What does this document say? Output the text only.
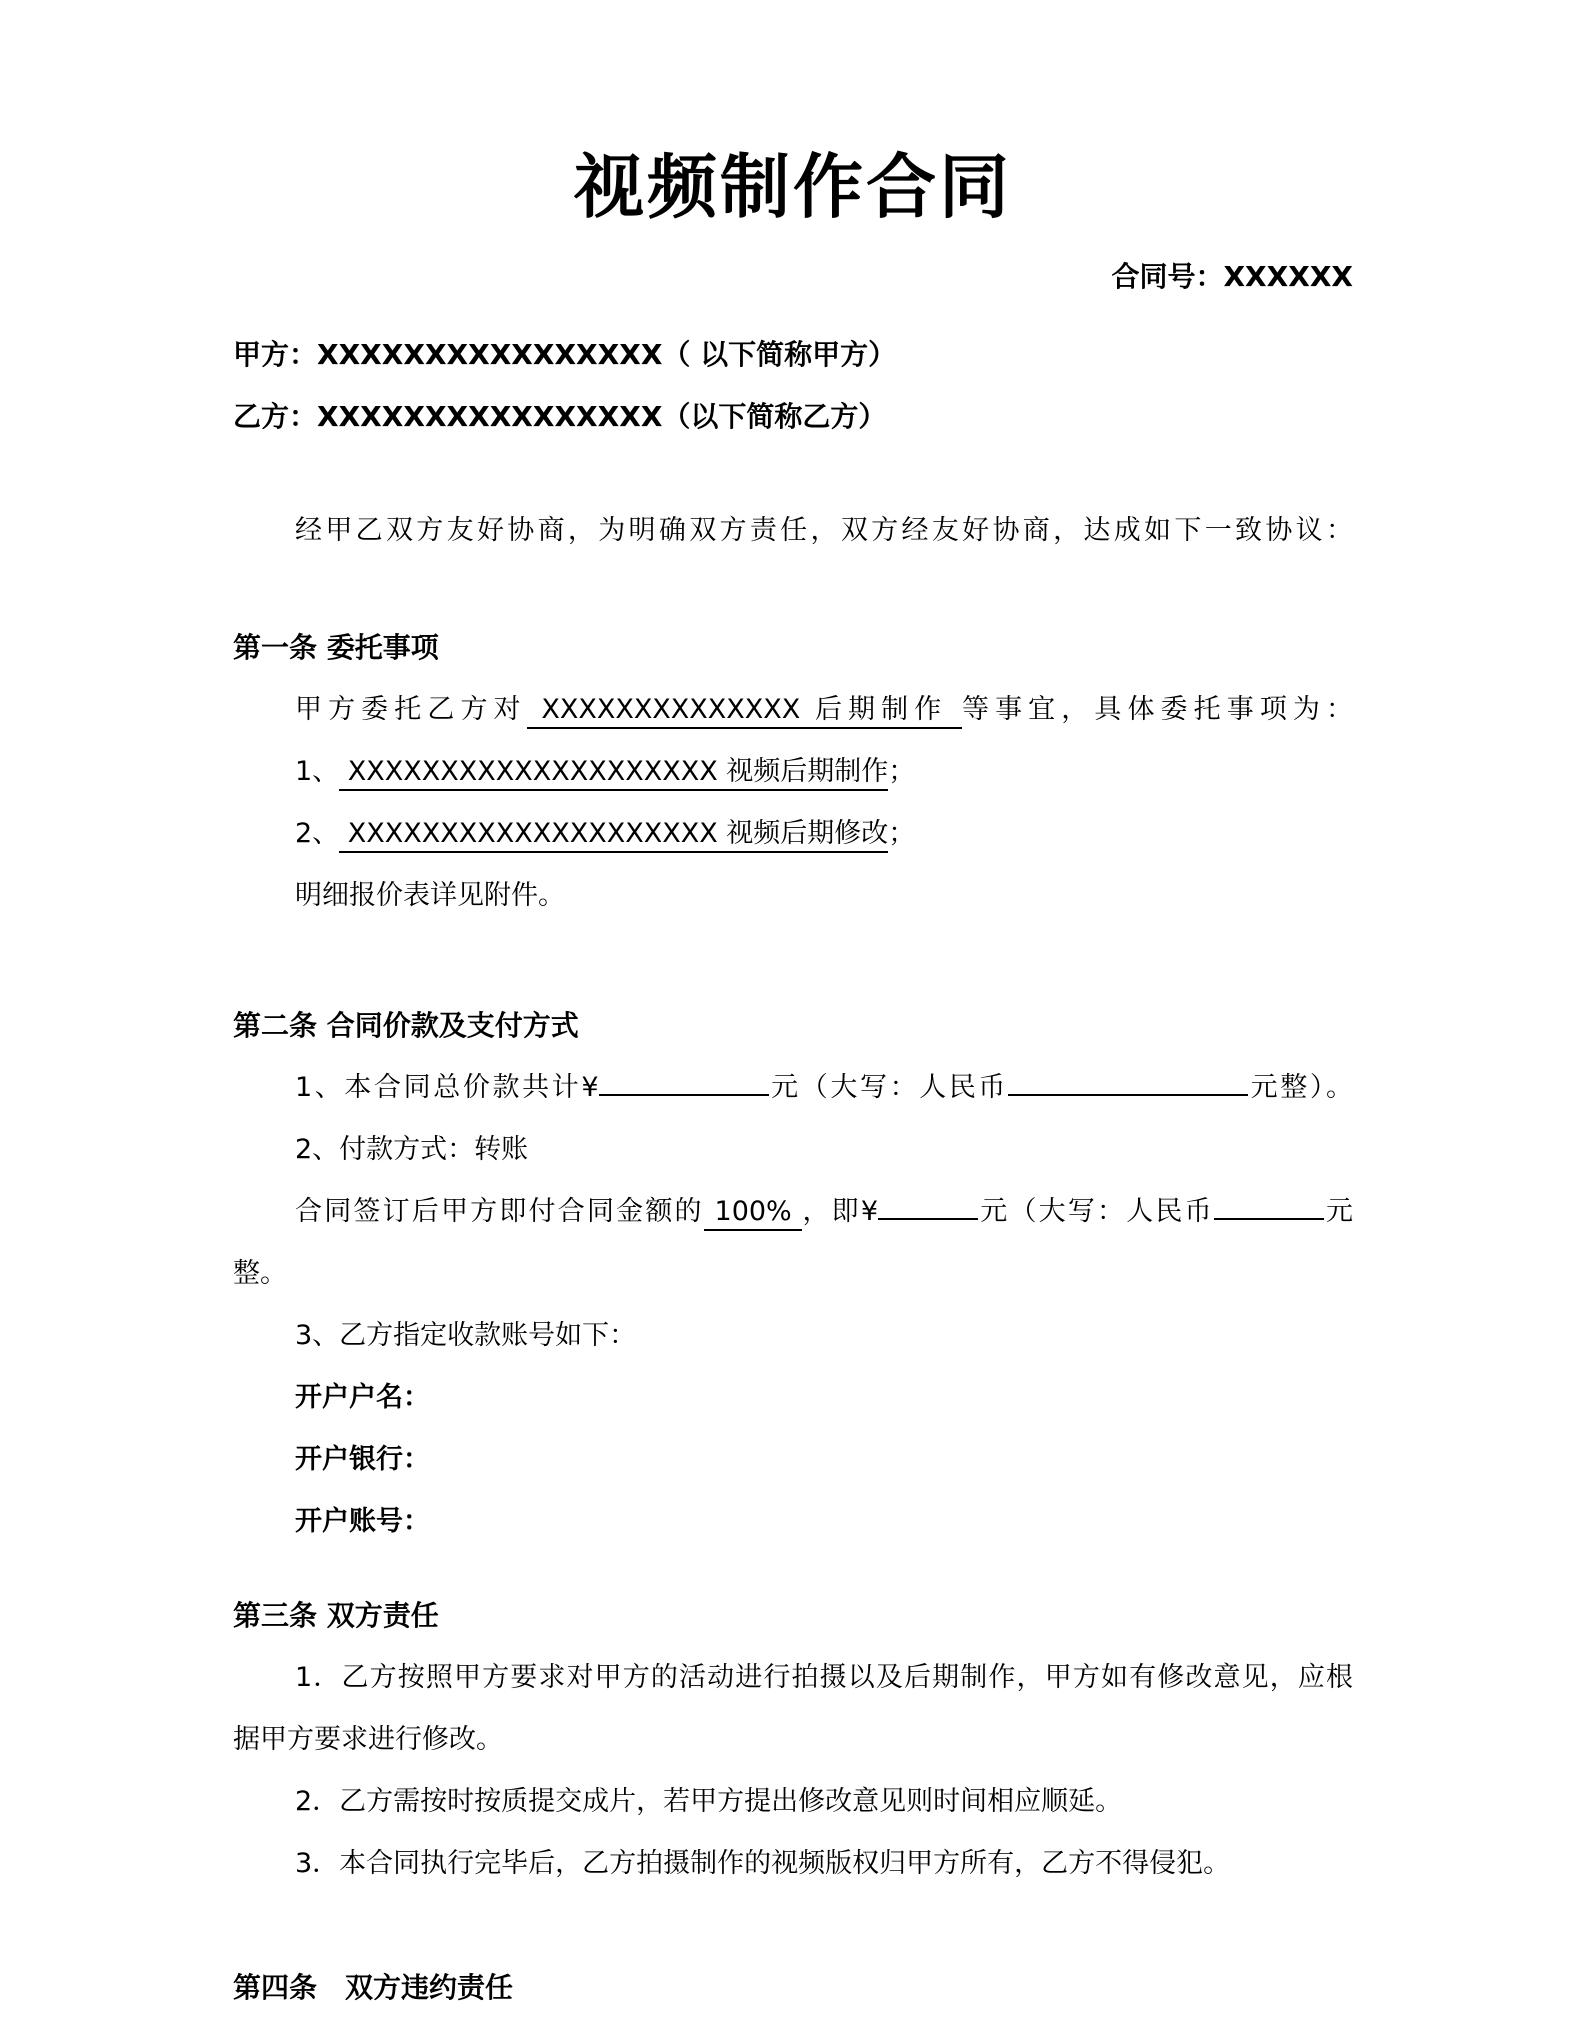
视频制作合同
合同号：XXXXXX
甲方：XXXXXXXXXXXXXXXX（ 以下简称甲方）
乙方：XXXXXXXXXXXXXXXX（以下简称乙方）
经甲乙双方友好协商，为明确双方责任，双方经友好协商，达成如下一致协议：
第一条 委托事项
甲方委托乙方对 XXXXXXXXXXXXXX 后期制作 等事宜，具体委托事项为：
1、 XXXXXXXXXXXXXXXXXXXX 视频后期制作；
2、 XXXXXXXXXXXXXXXXXXXX 视频后期修改；
明细报价表详见附件。
第二条 合同价款及支付方式
1、本合同总价款共计¥	元（大写：人民币	元整）。
2、付款方式：转账
合同签订后甲方即付合同金额的 100% ，即¥	元（大写：人民币	元
整。
3、乙方指定收款账号如下：
开户户名：
开户银行：
开户账号：
第三条 双方责任
1．乙方按照甲方要求对甲方的活动进行拍摄以及后期制作，甲方如有修改意见，应根
据甲方要求进行修改。
2．乙方需按时按质提交成片，若甲方提出修改意见则时间相应顺延。
3．本合同执行完毕后，乙方拍摄制作的视频版权归甲方所有，乙方不得侵犯。
第四条　双方违约责任
